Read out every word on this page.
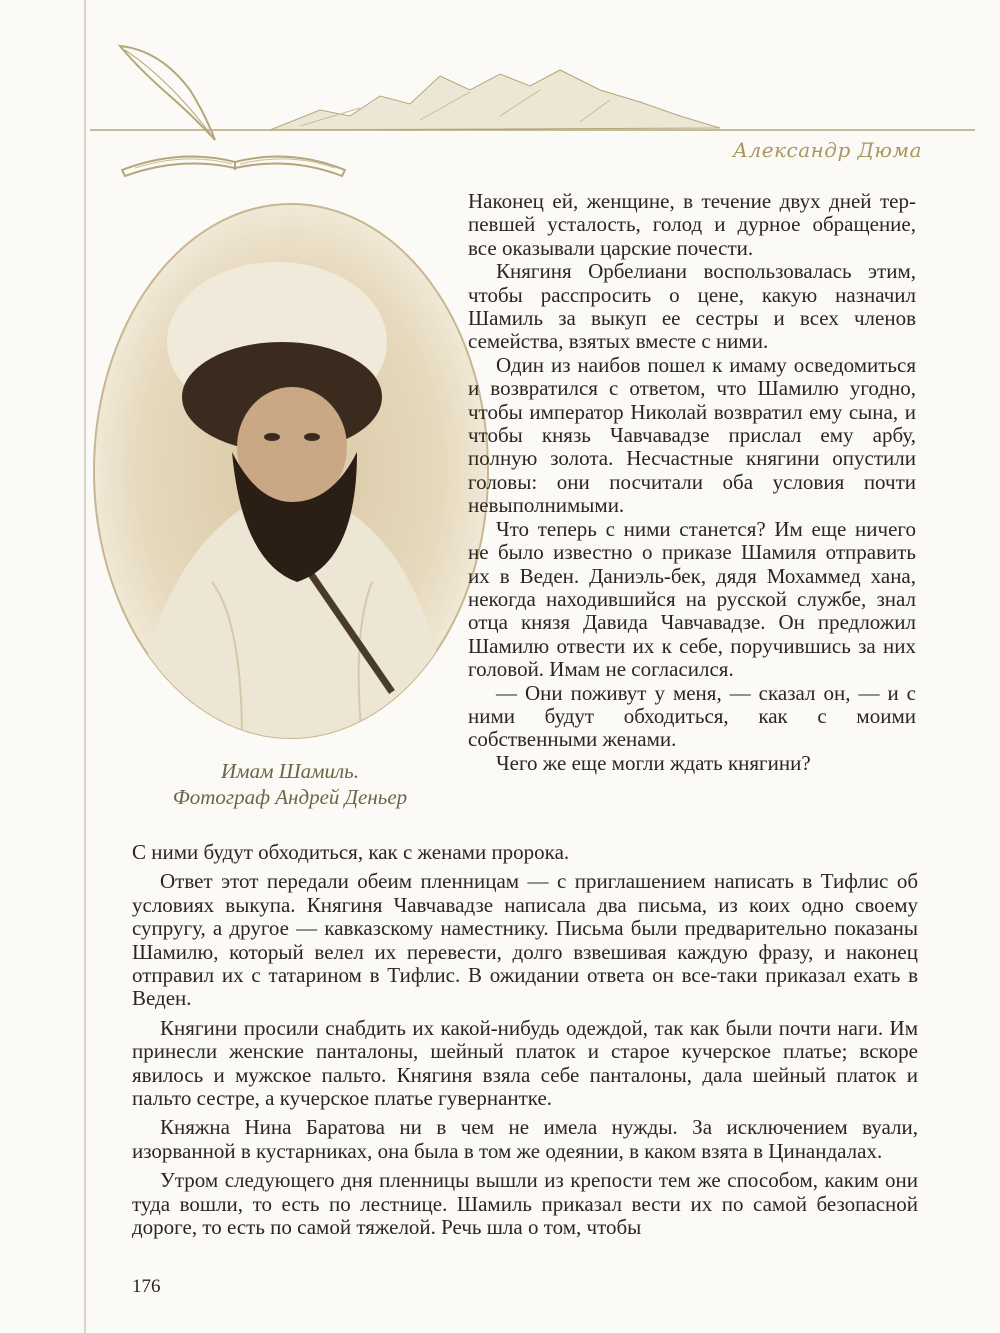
Александр Дюма
Имам Шамиль.
Фотограф Андрей Деньер

Наконец ей, женщине, в течение двух дней терпевшей усталость, голод и дурное обращение, все оказывали царские почести.

Княгиня Орбелиани воспользовалась этим, чтобы расспросить о цене, какую назначил Шамиль за выкуп ее сестры и всех членов семейства, взятых вместе с ними.

Один из наибов пошел к имаму осведомиться и возвратился с ответом, что Шамилю угодно, чтобы император Николай возвратил ему сына, и чтобы князь Чавчавадзе прислал ему арбу, полную золота. Несчастные княгини опустили головы: они посчитали оба условия почти невыполнимыми.

Что теперь с ними станется? Им еще ничего не было известно о приказе Шамиля отправить их в Веден. Даниэль-бек, дядя Мохаммед хана, некогда находившийся на русской службе, знал отца князя Давида Чавчавадзе. Он предложил Шамилю отвести их к себе, поручившись за них головой. Имам не согласился.

— Они поживут у меня, — сказал он, — и с ними будут обходиться, как с моими собственными женами.

Чего же еще могли ждать княгини?

С ними будут обходиться, как с женами пророка.

Ответ этот передали обеим пленницам — с приглашением написать в Тифлис об условиях выкупа. Княгиня Чавчавадзе написала два письма, из коих одно своему супругу, а другое — кавказскому наместнику. Письма были предварительно показаны Шамилю, который велел их перевести, долго взвешивая каждую фразу, и наконец отправил их с татарином в Тифлис. В ожидании ответа он все-таки приказал ехать в Веден.

Княгини просили снабдить их какой-нибудь одеждой, так как были почти наги. Им принесли женские панталоны, шейный платок и старое кучерское платье; вскоре явилось и мужское пальто. Княгиня взяла себе панталоны, дала шейный платок и пальто сестре, а кучерское платье гувернантке.

Княжна Нина Баратова ни в чем не имела нужды. За исключением вуали, изорванной в кустарниках, она была в том же одеянии, в каком взята в Цинандалах.

Утром следующего дня пленницы вышли из крепости тем же способом, каким они туда вошли, то есть по лестнице. Шамиль приказал вести их по самой безопасной дороге, то есть по самой тяжелой. Речь шла о том, чтобы

176
